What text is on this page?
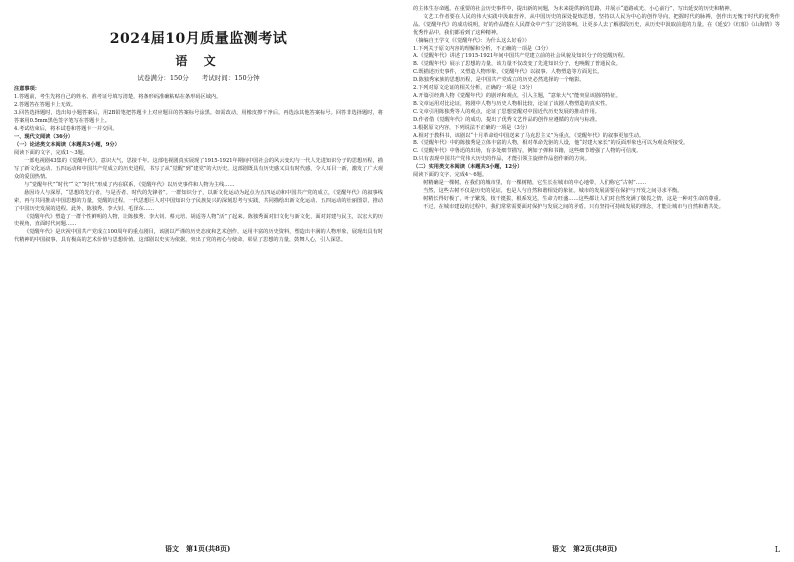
2024届10月质量监测考试
语 文
试卷满分：150分　　考试时间：150分钟

注意事项：

1.答题前，考生先将自己的姓名、准考证号填写清楚，将条形码准确粘贴在条形码区域内。

2.答题答在答题卡上无效。

3.回答选择题时，选出每小题答案后，用2B铅笔把答题卡上对应题目的答案标号涂黑。如需改动，用橡皮擦干净后，再选涂其他答案标号。回答非选择题时，将答案用0.5mm黑色签字笔写在答题卡上。

4.考试结束后，将本试卷和答题卡一并交回。

一、现代文阅读（36分）

（一）论述类文本阅读（本题共3小题，9分）

阅读下面的文字，完成1～3题。

一部电视剧43集的《觉醒年代》，意识大气，思接千年。这部电视剧真实展现了1915-1921年期间中国社会的风云变幻与一代人先进知识分子的思想历程，描写了新文化运动、五四运动和中国共产党成立的历史进程，书写了从“觉醒”到“建党”的大历史。这部剧既具有历史感又具有时代感，令人耳目一新，激发了广大观众的爱国热情。

与“觉醒年代”“时代”“文”“时代”形成了内在联系，《觉醒年代》以历史事件和人物为主线……

悬因诗人与深厚，“思想的先行者，与是否者、时代的先锋者”。一群知识分子，以新文化运动为起点为五四运动和中国共产党的成立，《觉醒年代》的叙事线索，再与共同推动中国思想的力量，觉醒的过程，一代思想巨人对中国知识分子民族复兴的深刻思考与实践，共同描绘出新文化运动、五四运动的壮丽图景，推动了中国历史发展的进程。此外，陈独秀、李大钊、毛泽东……

《觉醒年代》塑造了一群个性鲜明的人物，让陈独秀、李大钊、蔡元培、胡适等人物“活”了起来。陈独秀面对旧文化与新文化，面对封建与民主，以宏大的历史视角，直面时代问题……

《觉醒年代》是庆祝中国共产党成立100周年的重点剧目，该剧以严谨的历史态度和艺术创作，运用丰富的历史资料，塑造出丰满的人物形象，展现出具有时代精神的中国叙事，具有极高的艺术价值与思想价值。这部剧以史实为依据，突出了党的初心与使命，彰显了思想的力量，鼓舞人心，引人深思。

语文　第1页(共8页)

的主体生存命题。在重要的社会历史事件中，提出新的问题，为未来提供新的思路，并展示“道路或光、小心前行”，写出延安的历史和精神。

文艺工作者要在人民的伟大实践中汲取营养，从中国历史的深处提炼思想，坚持以人民为中心的创作导向，把握时代的脉搏，创作出无愧于时代的优秀作品。《觉醒年代》的成功说明，好的作品能在人民群众中产生广泛的影响，让更多人去了解那段历史，从历史中汲取前进的力量。在《延安》《红船》《山海情》等优秀作品中，我们都看到了这种精神。

（摘编自王学文《《觉醒年代》：为什么这么好看》）

1.下列关于原文内容的理解和分析，不正确的一项是（3分）

A.《觉醒年代》讲述了1915-1921年间中国共产党建立前的社会风貌及知识分子的觉醒历程。

B.《觉醒年代》展示了思想的力量，该力量不仅改变了先进知识分子，也唤醒了普通民众。

C.既描述历史事件，又塑造人物形象，《觉醒年代》以叙事、人物塑造等方面见长。

D.陈独秀家族的思想历程，是中国共产党成立的历史必然选择的一个缩影。

2.下列对原文论证的相关分析，正确的一项是（3分）

A.开篇引经典人物《觉醒年代》的剧评和观点，引入主题，“意象大气”能突显该剧的特征。

B.文章运用对比论证，将剧中人物与历史人物相比较，论证了该剧人物塑造的真实性。

C.文章引用陈独秀等人的观点，论证了思想觉醒对中国近代历史发展的推动作用。

D.作者借《觉醒年代》的成功，提出了优秀文艺作品的创作应遵循的方向与标准。

3.根据原文内容，下列说法不正确的一项是（3分）

A.相对于教科书，该剧以“十月革命给中国送来了马克思主义”为重点，《觉醒年代》的叙事更加生动。

B.《觉醒年代》中的陈独秀是立体丰富的人物，相对革命先驱的人设，他“封建大家长”的反面形象也可以为观众所接受。

C.《觉醒年代》中鲁迅的出场，有多处细节描写，例如子弹和书籍，这些细节增强了人物的可信度。

D.只有表现中国共产党伟大历史的作品，才能引领主旋律作品创作新的方向。

（二）实用类文本阅读（本题共3小题，12分）

阅读下面的文字，完成4～6题。

树精确是一棵树。在我们的城市里，有一棵树精，它生长在城市的中心地带，人们称它“古树”……

当然，这些古树不仅是历史的见证，也是人与自然和谐相处的象征。城市的发展需要在保护与开发之间寻求平衡。

树精长得好极了，叶子繁茂，枝干挺拔，根系发达，生命力旺盛……这些都让人们对自然充满了敬畏之情，这是一种对生命的尊重。

不过，在城市建设的过程中，我们常常需要面对保护与发展之间的矛盾。只有坚持可持续发展的理念，才能让城市与自然和谐共处。

语文　第2页(共8页)	L
